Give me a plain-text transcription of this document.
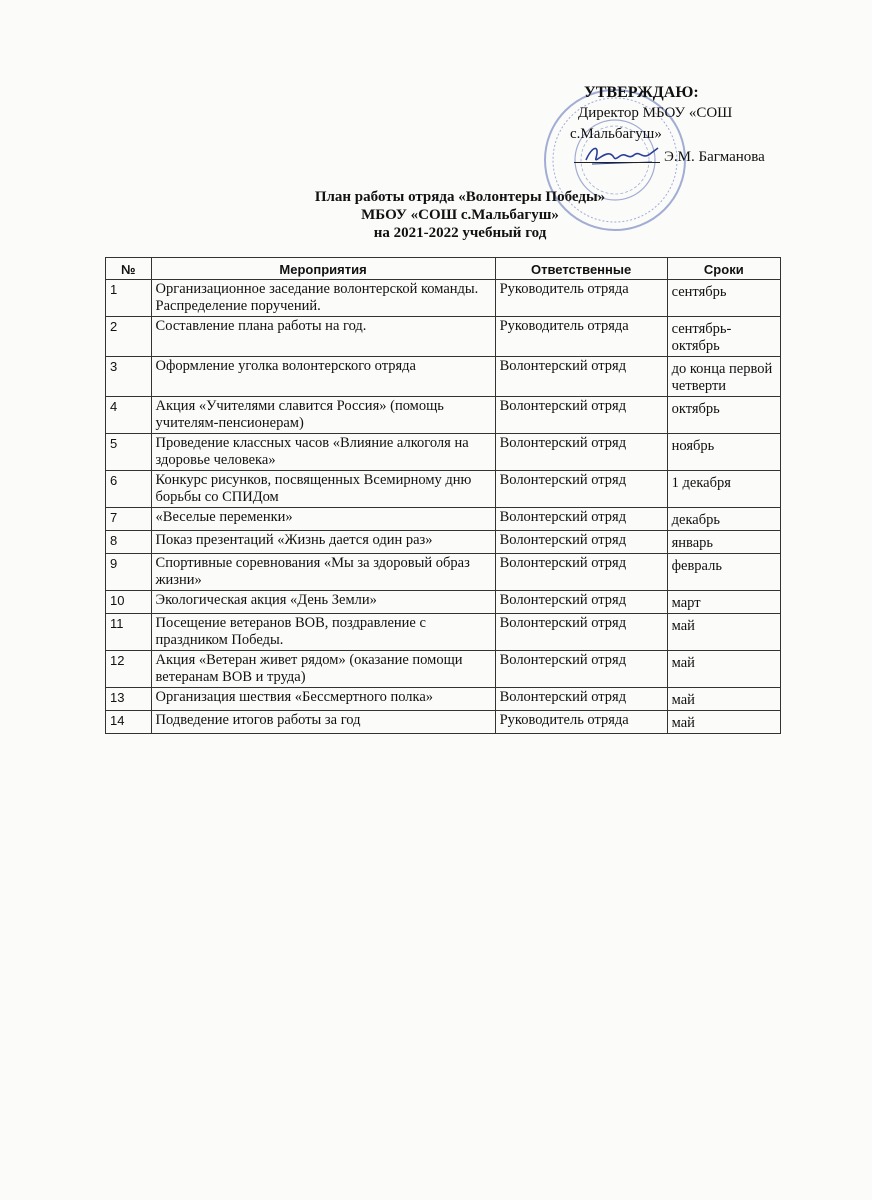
УТВЕРЖДАЮ:
Директор МБОУ «СОШ
с.Мальбагуш»
Э.М. Багманова
План работы отряда «Волонтеры Победы»
МБОУ «СОШ с.Мальбагуш»
на 2021-2022 учебный год
№	Мероприятия	Ответственные	Сроки
1	Организационное заседание волонтерской команды. Распределение поручений.	Руководитель отряда	сентябрь
2	Составление плана работы на год.	Руководитель отряда	сентябрь-октябрь
3	Оформление уголка волонтерского отряда	Волонтерский отряд	до конца первой четверти
4	Акция «Учителями славится Россия» (помощь учителям-пенсионерам)	Волонтерский отряд	октябрь
5	Проведение классных часов «Влияние алкоголя на здоровье человека»	Волонтерский отряд	ноябрь
6	Конкурс рисунков, посвященных Всемирному дню борьбы со СПИДом	Волонтерский отряд	1 декабря
7	«Веселые переменки»	Волонтерский отряд	декабрь
8	Показ презентаций «Жизнь дается один раз»	Волонтерский отряд	январь
9	Спортивные соревнования «Мы за здоровый образ жизни»	Волонтерский отряд	февраль
10	Экологическая акция «День Земли»	Волонтерский отряд	март
11	Посещение ветеранов ВОВ, поздравление с праздником Победы.	Волонтерский отряд	май
12	Акция «Ветеран живет рядом» (оказание помощи ветеранам ВОВ и труда)	Волонтерский отряд	май
13	Организация шествия «Бессмертного полка»	Волонтерский отряд	май
14	Подведение итогов работы за год	Руководитель отряда	май
